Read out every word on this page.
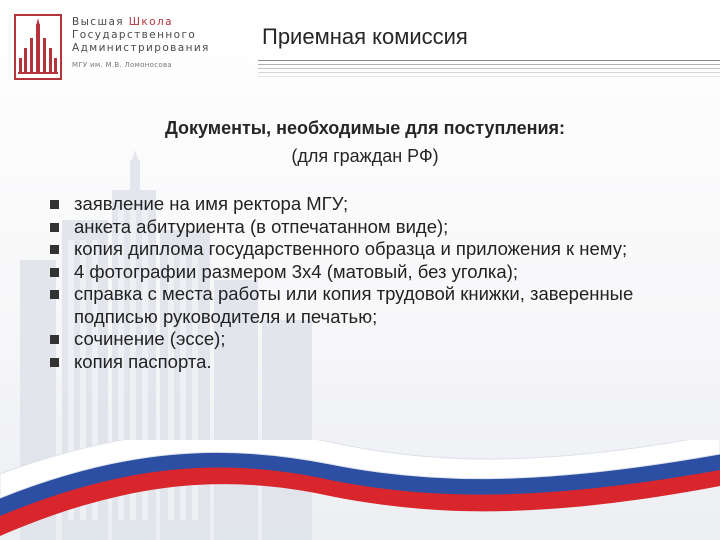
Высшая Школа
Государственного
Администрирования
МГУ им. М.В. Ломоносова
Приемная комиссия
Документы, необходимые для поступления:
(для граждан РФ)
заявление на имя ректора МГУ;
анкета абитуриента (в отпечатанном виде);
копия диплома государственного образца и приложения к нему;
4 фотографии размером 3х4 (матовый, без уголка);
справка с места работы или копия трудовой книжки, заверенные подписью руководителя и печатью;
сочинение (эссе);
копия паспорта.
